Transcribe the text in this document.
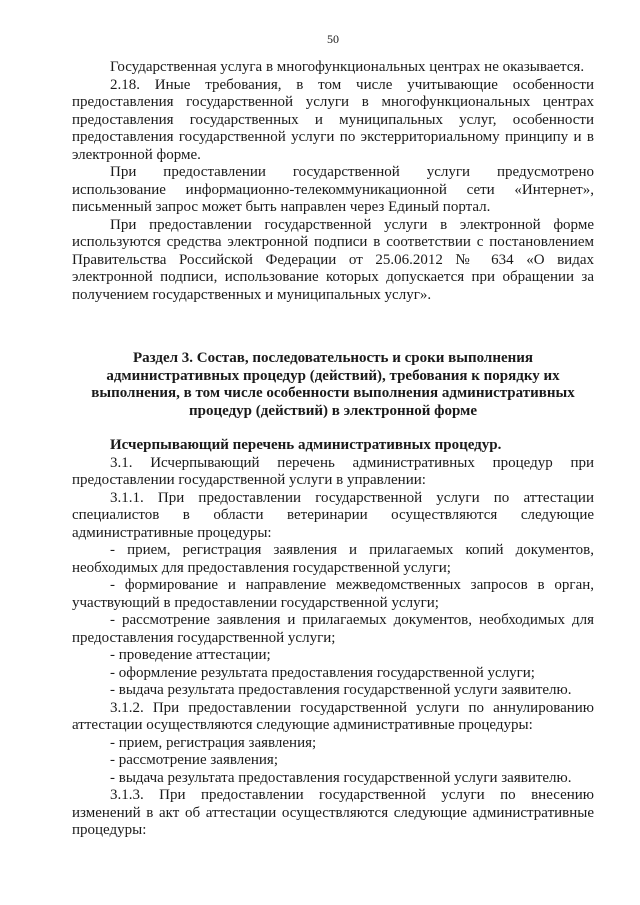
50

Государственная услуга в многофункциональных центрах не оказывается.

2.18. Иные требования, в том числе учитывающие особенности предоставления государственной услуги в многофункциональных центрах предоставления государственных и муниципальных услуг, особенности предоставления государственной услуги по экстерриториальному принципу и в электронной форме.

При предоставлении государственной услуги предусмотрено использование информационно-телекоммуникационной сети «Интернет», письменный запрос может быть направлен через Единый портал.

При предоставлении государственной услуги в электронной форме используются средства электронной подписи в соответствии с постановлением Правительства Российской Федерации от 25.06.2012 № 634 «О видах электронной подписи, использование которых допускается при обращении за получением государственных и муниципальных услуг».

Раздел 3. Состав, последовательность и сроки выполнения административных процедур (действий), требования к порядку их выполнения, в том числе особенности выполнения административных процедур (действий) в электронной форме

Исчерпывающий перечень административных процедур.

3.1. Исчерпывающий перечень административных процедур при предоставлении государственной услуги в управлении:

3.1.1. При предоставлении государственной услуги по аттестации специалистов в области ветеринарии осуществляются следующие административные процедуры:

- прием, регистрация заявления и прилагаемых копий документов, необходимых для предоставления государственной услуги;

- формирование и направление межведомственных запросов в орган, участвующий в предоставлении государственной услуги;

- рассмотрение заявления и прилагаемых документов, необходимых для предоставления государственной услуги;

- проведение аттестации;

- оформление результата предоставления государственной услуги;

- выдача результата предоставления государственной услуги заявителю.

3.1.2. При предоставлении государственной услуги по аннулированию аттестации осуществляются следующие административные процедуры:

- прием, регистрация заявления;

- рассмотрение заявления;

- выдача результата предоставления государственной услуги заявителю.

3.1.3. При предоставлении государственной услуги по внесению изменений в акт об аттестации осуществляются следующие административные процедуры:
